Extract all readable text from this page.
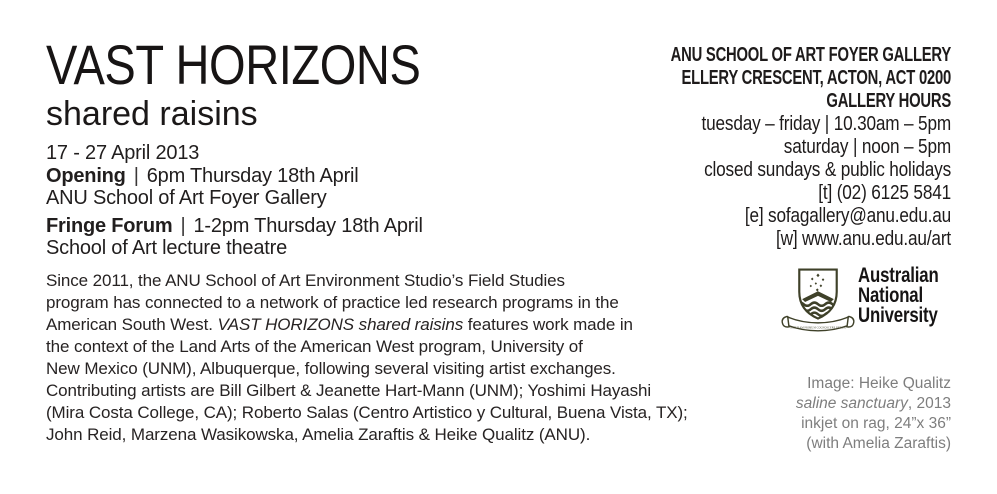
VAST HORIZONS
shared raisins
17 - 27 April 2013
Opening | 6pm Thursday 18th April
ANU School of Art Foyer Gallery
Fringe Forum | 1-2pm Thursday 18th April
School of Art lecture theatre
Since 2011, the ANU School of Art Environment Studio’s Field Studies
program has connected to a network of practice led research programs in the
American South West. VAST HORIZONS shared raisins features work made in
the context of the Land Arts of the American West program, University of
New Mexico (UNM), Albuquerque, following several visiting artist exchanges.
Contributing artists are Bill Gilbert & Jeanette Hart-Mann (UNM); Yoshimi Hayashi
(Mira Costa College, CA); Roberto Salas (Centro Artistico y Cultural, Buena Vista, TX);
John Reid, Marzena Wasikowska, Amelia Zaraftis & Heike Qualitz (ANU).
ANU SCHOOL OF ART FOYER GALLERY
ELLERY CRESCENT, ACTON, ACT 0200
GALLERY HOURS
tuesday – friday | 10.30am – 5pm
saturday | noon – 5pm
closed sundays & public holidays
[t] (02) 6125 5841
[e] sofagallery@anu.edu.au
[w] www.anu.edu.au/art
NATURAM PRIMUM COGNOSCERE RERUM
Australian
National
University
Image: Heike Qualitz
saline sanctuary, 2013
inkjet on rag, 24”x 36”
(with Amelia Zaraftis)
